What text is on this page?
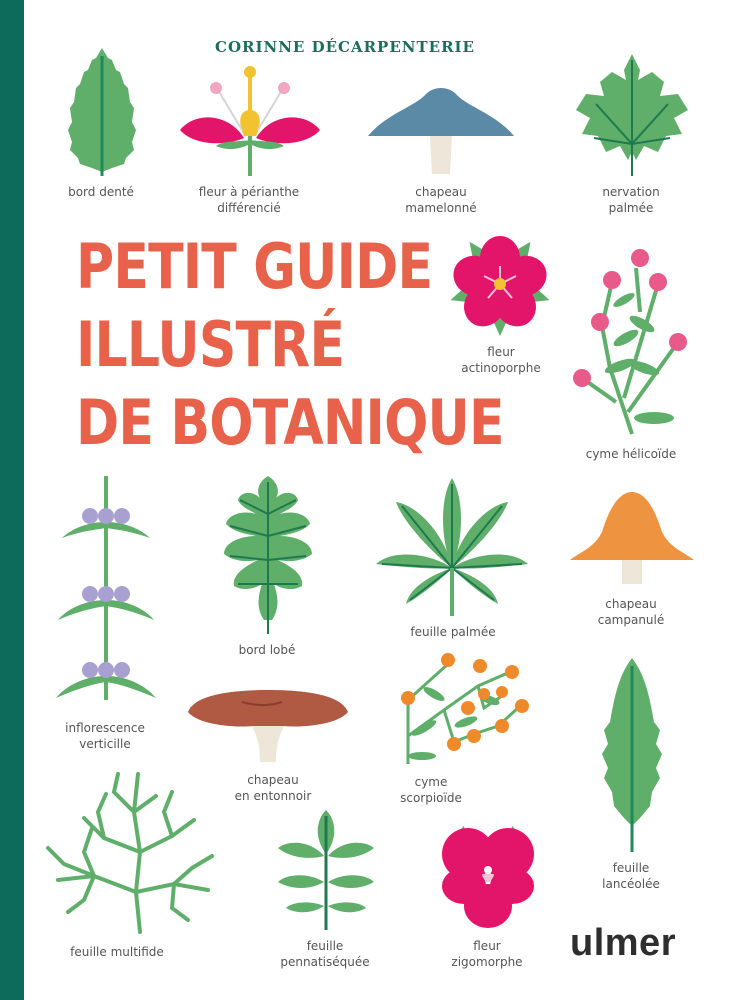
CORINNE DÉCARPENTERIE
PETIT GUIDE
ILLUSTRÉ
DE BOTANIQUE
bord denté	fleur à périanthe
différencié
chapeau
mamelonné
nervation
palmée
fleur
actinoporphe
cyme hélicoïde
inflorescence
verticille
bord lobé
feuille palmée
chapeau
campanulé
chapeau
en entonnoir
cyme
scorpioïde
feuille
lancéolée
feuille multifide	feuille
pennatiséquée
fleur
zigomorphe	ulmer
